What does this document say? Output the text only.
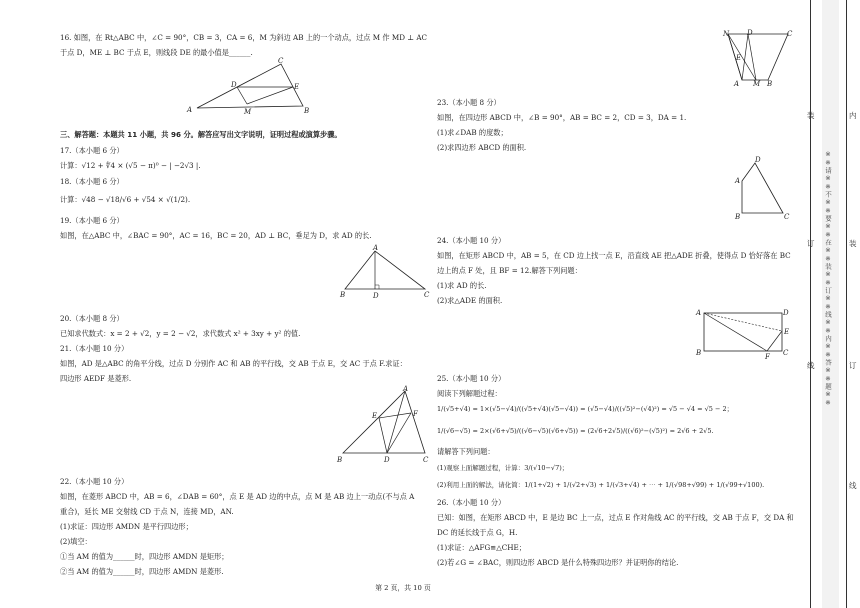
16. 如图，在 Rt△ABC 中，∠C = 90°，CB = 3，CA = 6，M 为斜边 AB 上的一个动点，过点 M 作 MD ⊥ AC
于点 D，ME ⊥ BC 于点 E，则线段 DE 的最小值是______.
A
C
B
D	E
M
三、解答题：本题共 11 小题，共 96 分。解答应写出文字说明，证明过程或演算步骤。
17.（本小题 6 分）
计算：√12 + ∜4 × (√5 − π)⁰ − | −2√3 |.
18.（本小题 6 分）
计算：√48 − √18/√6 + √54 × √(1/2).
19.（本小题 6 分）
如图，在△ABC 中，∠BAC = 90°，AC = 16，BC = 20，AD ⊥ BC，垂足为 D，求 AD 的长.
A
B	D	C
20.（本小题 8 分）
已知求代数式：x = 2 + √2，y = 2 − √2，求代数式 x² + 3xy + y² 的值.
21.（本小题 10 分）
如图，AD 是△ABC 的角平分线，过点 D 分别作 AC 和 AB 的平行线，交 AB 于点 E，交 AC 于点 F.求证：
四边形 AEDF 是菱形.
A
E	F
B	D	C
22.（本小题 10 分）
如图，在菱形 ABCD 中，AB = 6，∠DAB = 60°，点 E 是 AD 边的中点，点 M 是 AB 边上一动点(不与点 A
重合)，延长 ME 交射线 CD 于点 N，连接 MD，AN.
(1)求证：四边形 AMDN 是平行四边形；
(2)填空：
①当 AM 的值为______时，四边形 AMDN 是矩形；
②当 AM 的值为______时，四边形 AMDN 是菱形.
N	D	C
E
A M B
23.（本小题 8 分）
如图，在四边形 ABCD 中，∠B = 90°，AB = BC = 2，CD = 3，DA = 1.
(1)求∠DAB 的度数；
(2)求四边形 ABCD 的面积.
D
A
B	C
24.（本小题 10 分）
如图，在矩形 ABCD 中，AB = 5，在 CD 边上找一点 E，沿直线 AE 把△ADE 折叠，使得点 D 恰好落在 BC
边上的点 F 处，且 BF = 12.解答下列问题：
(1)求 AD 的长.
(2)求△ADE 的面积.
A	D
E
B	F C
25.（本小题 10 分）
阅读下列解题过程：
1/(√5+√4) = 1×(√5−√4)/((√5+√4)(√5−√4)) = (√5−√4)/((√5)²−(√4)²) = √5 − √4 = √5 − 2；
1/(√6−√5) = 2×(√6+√5)/((√6−√5)(√6+√5)) = (2√6+2√5)/((√6)²−(√5)²) = 2√6 + 2√5.
请解答下列问题：
(1)观察上面解题过程，计算：3/(√10−√7)；
(2)利用上面的解法，请化简：1/(1+√2) + 1/(√2+√3) + 1/(√3+√4) + ⋯ + 1/(√98+√99) + 1/(√99+√100).
26.（本小题 10 分）
已知：如图，在矩形 ABCD 中，E 是边 BC 上一点，过点 E 作对角线 AC 的平行线，交 AB 于点 F，交 DA 和
DC 的延长线于点 G，H.
(1)求证：△AFG≌△CHE；
(2)若∠G = ∠BAC，则四边形 ABCD 是什么特殊四边形？并证明你的结论.
第 2 页，共 10 页
※※请※※不※※要※※在※※装※※订※※线※※内※※答※※题※※
装
订
线
内
装
订
线
